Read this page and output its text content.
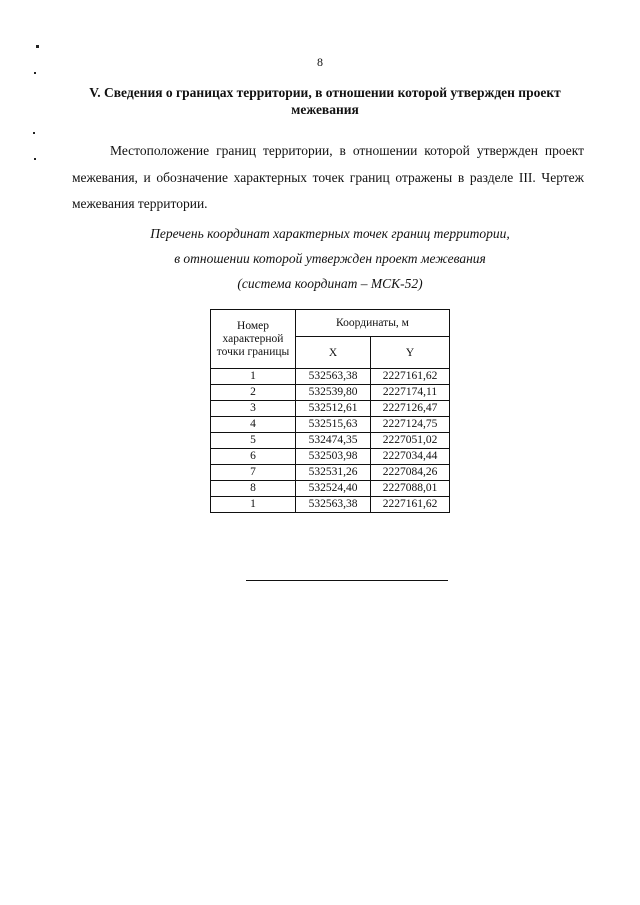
8
V. Сведения о границах территории, в отношении которой утвержден проект межевания
Местоположение границ территории, в отношении которой утвержден проект межевания, и обозначение характерных точек границ отражены в разделе III. Чертеж межевания территории.
Перечень координат характерных точек границ территории,
в отношении которой утвержден проект межевания
(система координат – МСК-52)
Номер характерной точки границы	Координаты, м	
	X	Y
1	532563,38	2227161,62
2	532539,80	2227174,11
3	532512,61	2227126,47
4	532515,63	2227124,75
5	532474,35	2227051,02
6	532503,98	2227034,44
7	532531,26	2227084,26
8	532524,40	2227088,01
1	532563,38	2227161,62
